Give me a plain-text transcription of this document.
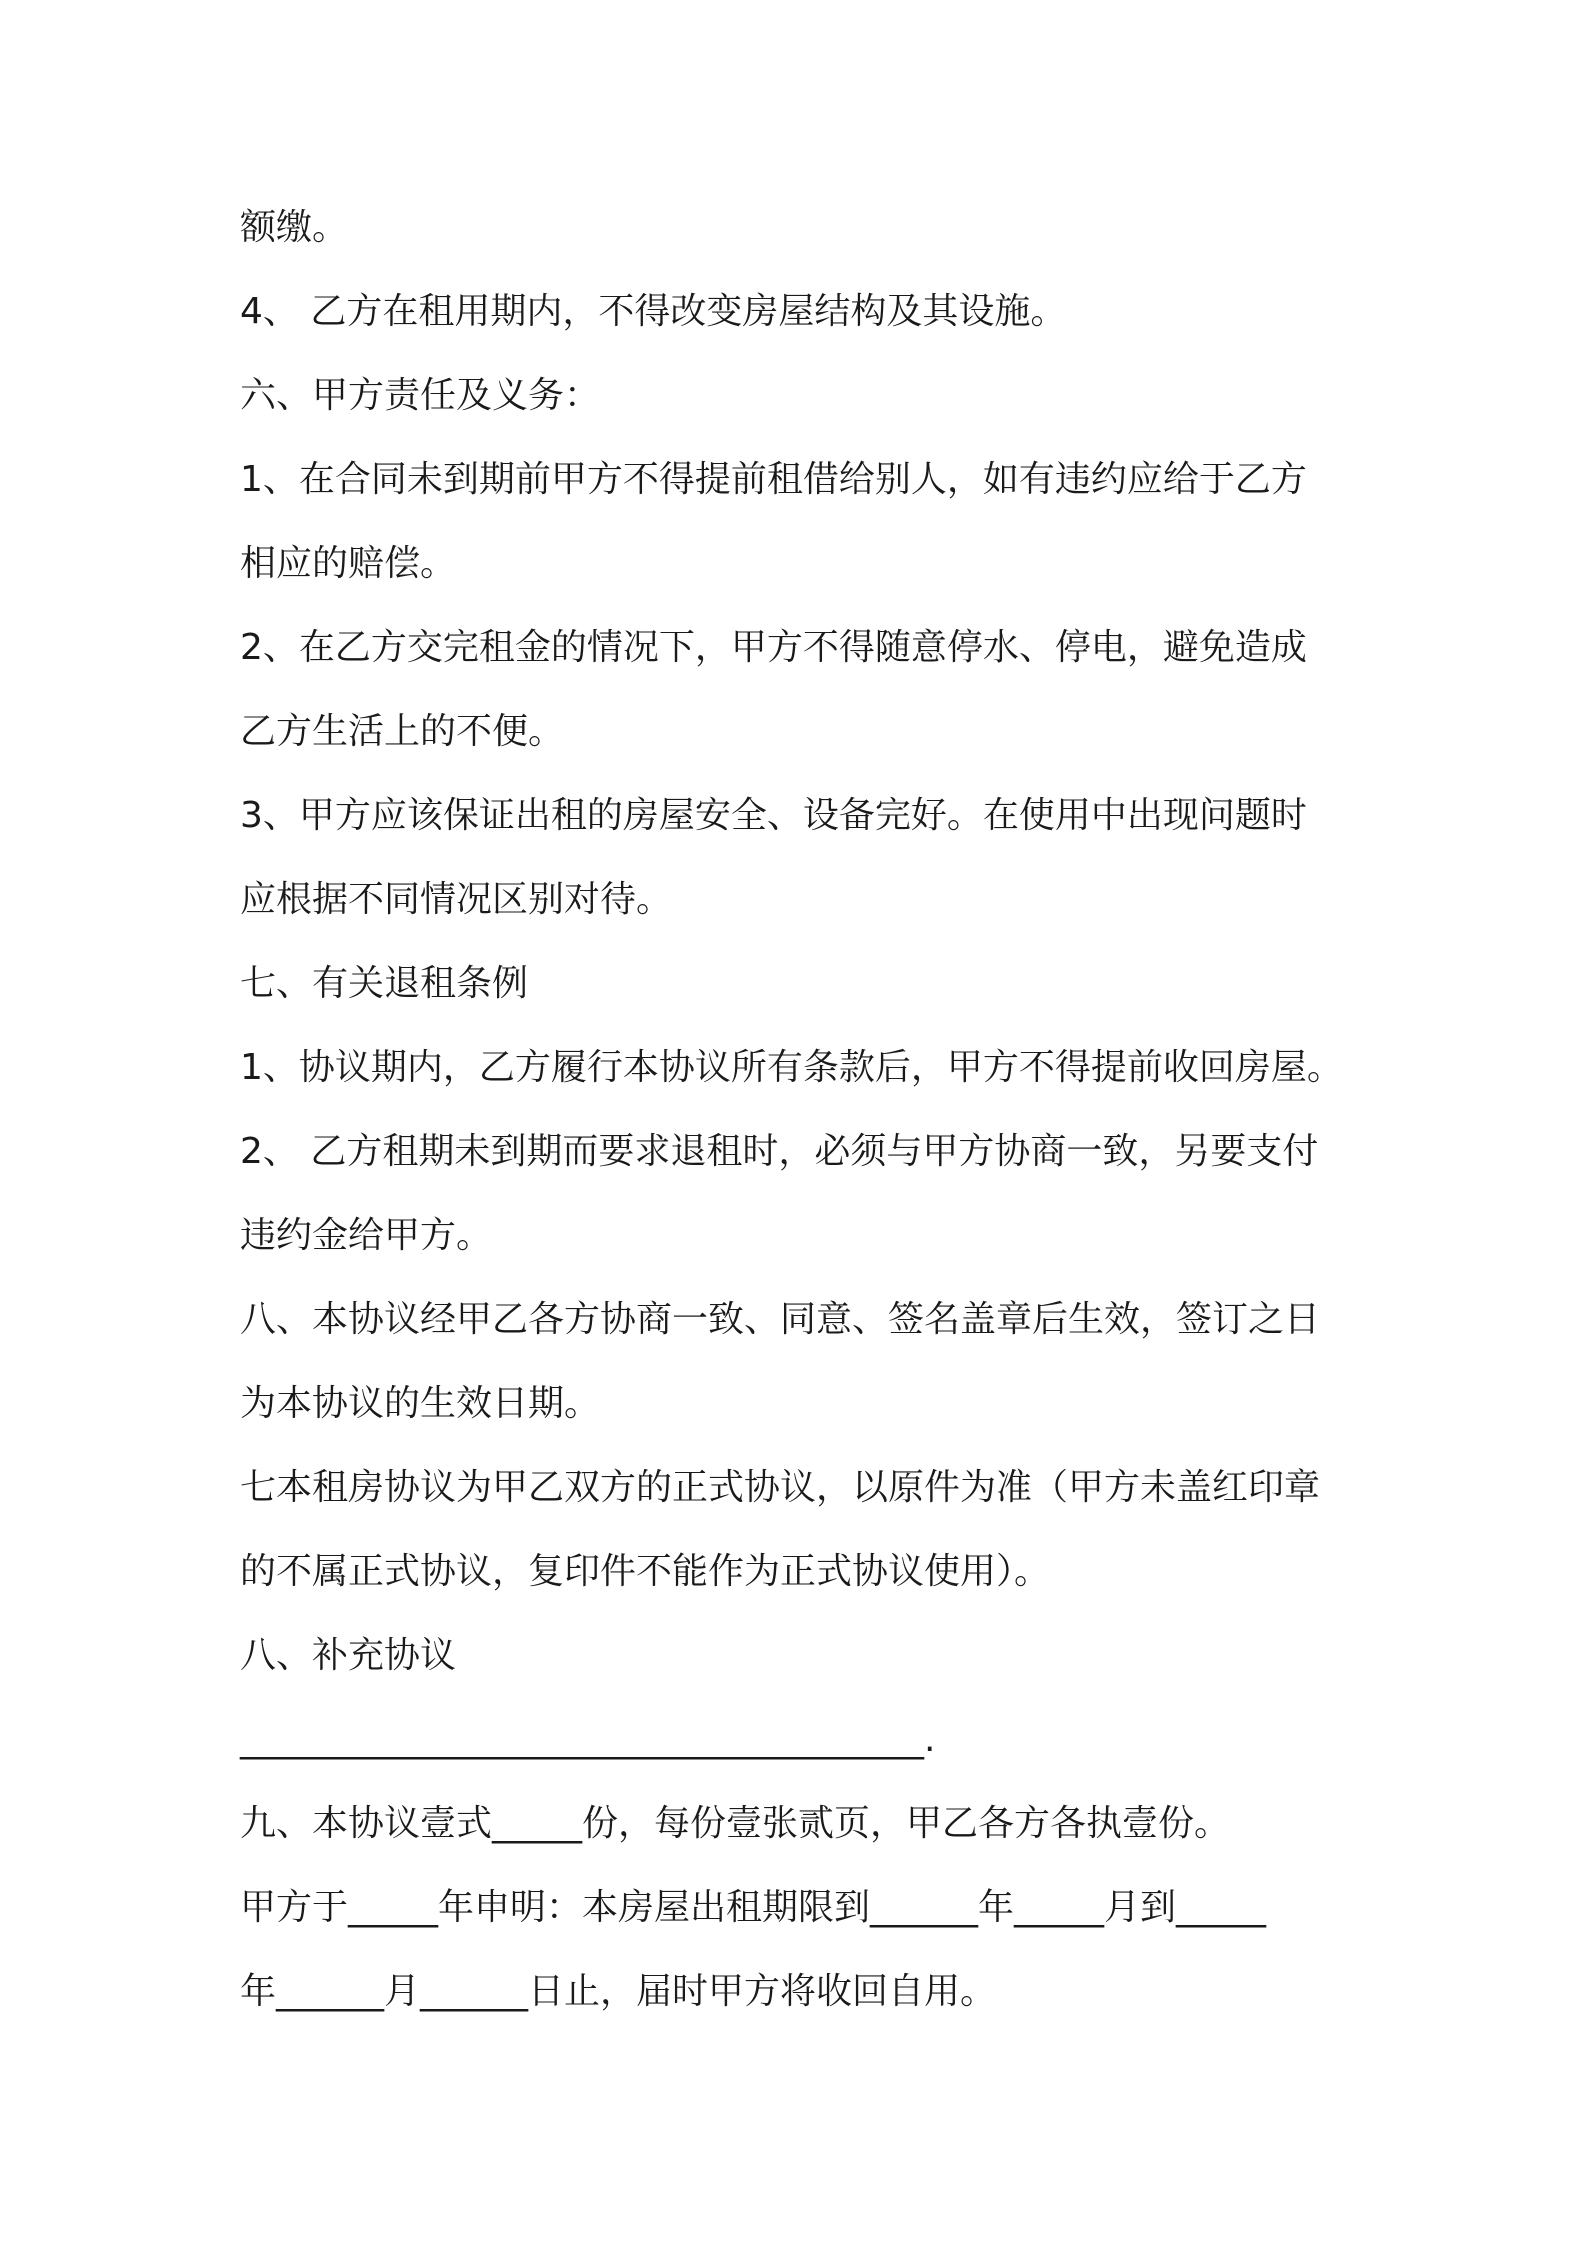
额缴。
4、 乙方在租用期内，不得改变房屋结构及其设施。
六、甲方责任及义务：
1、在合同未到期前甲方不得提前租借给别人，如有违约应给于乙方
相应的赔偿。
2、在乙方交完租金的情况下，甲方不得随意停水、停电，避免造成
乙方生活上的不便。
3、甲方应该保证出租的房屋安全、设备完好。在使用中出现问题时
应根据不同情况区别对待。
七、有关退租条例
1、协议期内，乙方履行本协议所有条款后，甲方不得提前收回房屋。
2、 乙方租期未到期而要求退租时，必须与甲方协商一致，另要支付
违约金给甲方。
八、本协议经甲乙各方协商一致、同意、签名盖章后生效，签订之日
为本协议的生效日期。
七本租房协议为甲乙双方的正式协议，以原件为准（甲方未盖红印章
的不属正式协议，复印件不能作为正式协议使用）。
八、补充协议
______________________________________.
九、本协议壹式_____份，每份壹张贰页，甲乙各方各执壹份。
甲方于_____年申明：本房屋出租期限到______年_____月到_____
年______月______日止，届时甲方将收回自用。
